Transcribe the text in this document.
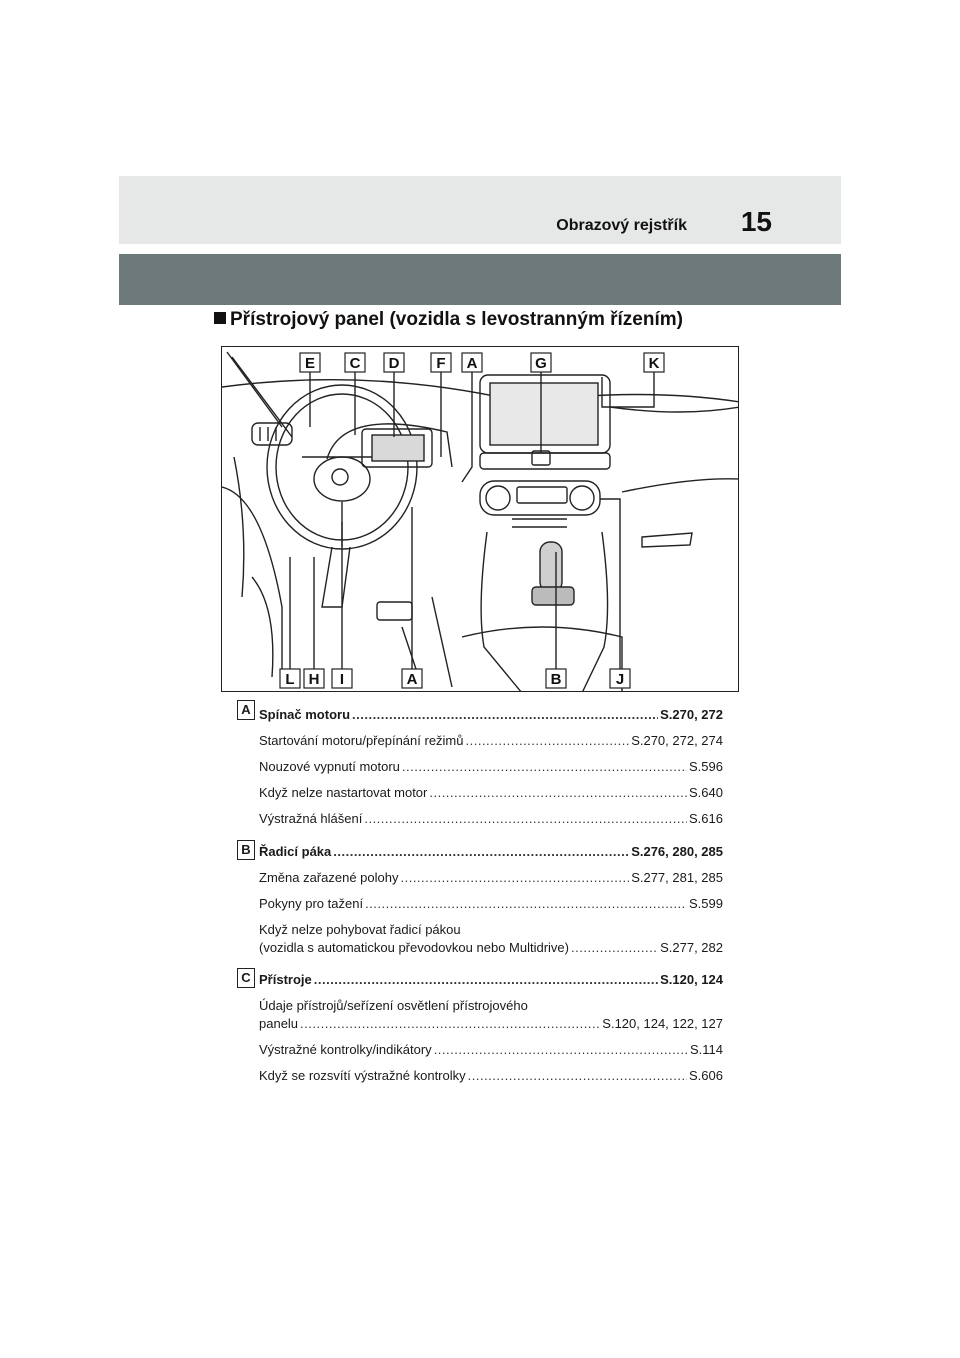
Obrazový rejstřík 15
Přístrojový panel (vozidla s levostranným řízením)
E C D F A	G	K
L H I	A	B	J
A Spínač motoru .....	S.270, 272
Startování motoru/přepínání režimů .....	S.270, 272, 274
Nouzové vypnutí motoru .....	S.596
Když nelze nastartovat motor .....	S.640
Výstražná hlášení .....	S.616
B Řadicí páka .....	S.276, 280, 285
Změna zařazené polohy .....	S.277, 281, 285
Pokyny pro tažení .....	S.599
Když nelze pohybovat řadicí pákou
(vozidla s automatickou převodovkou nebo Multidrive) .....	S.277, 282
C Přístroje .....	S.120, 124
Údaje přístrojů/seřízení osvětlení přístrojového
panelu .....	S.120, 124, 122, 127
Výstražné kontrolky/indikátory .....	S.114
Když se rozsvítí výstražné kontrolky .....	S.606
